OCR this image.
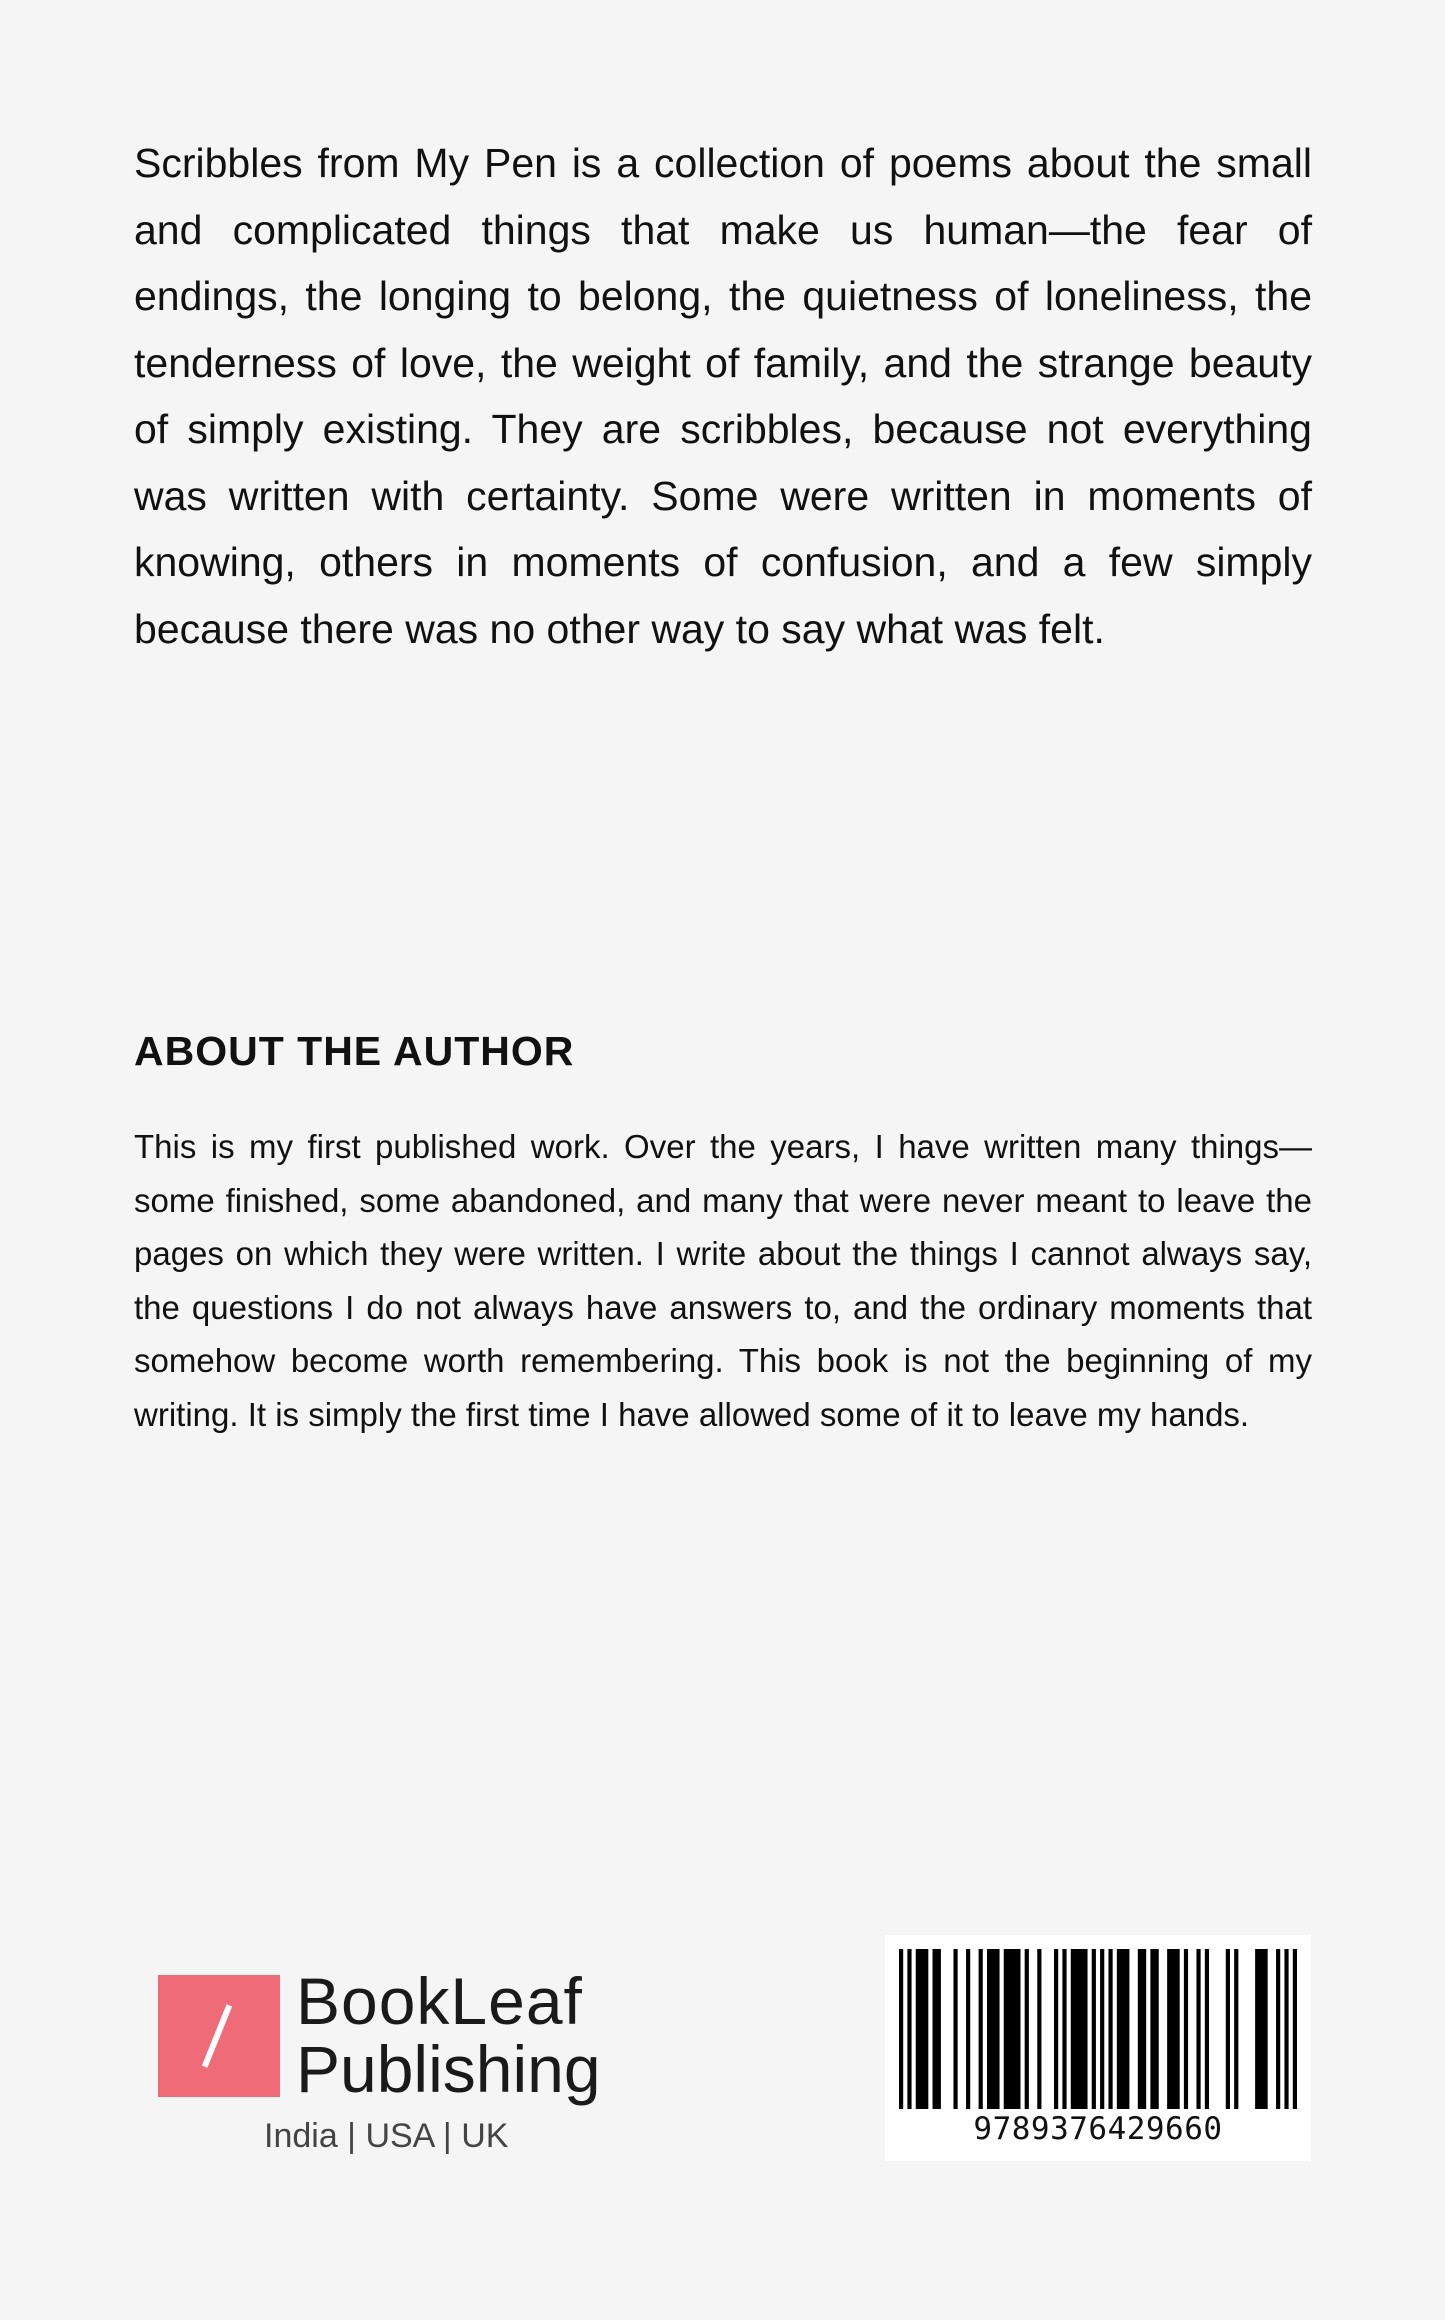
Scribbles from My Pen is a collection of poems about the small and complicated things that make us human—the fear of endings, the longing to belong, the quietness of loneliness, the tenderness of love, the weight of family, and the strange beauty of simply existing. They are scribbles, because not everything was written with certainty. Some were written in moments of knowing, others in moments of confusion, and a few simply because there was no other way to say what was felt.

ABOUT THE AUTHOR

This is my first published work. Over the years, I have written many things—some finished, some abandoned, and many that were never meant to leave the pages on which they were written. I write about the things I cannot always say, the questions I do not always have answers to, and the ordinary moments that somehow become worth remembering. This book is not the beginning of my writing. It is simply the first time I have allowed some of it to leave my hands.

BookLeaf
Publishing
India | USA | UK	9789376429660
